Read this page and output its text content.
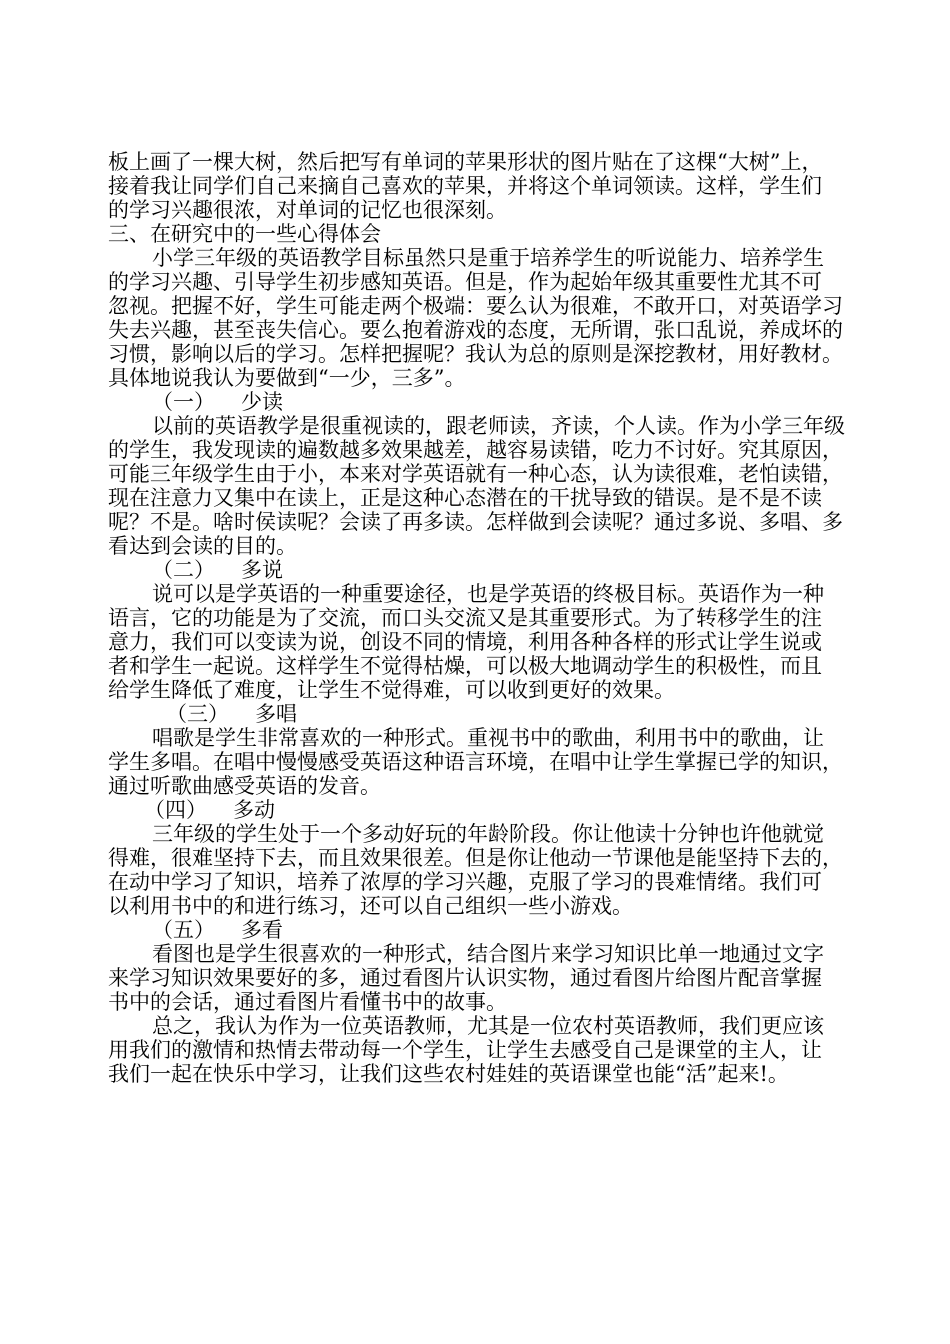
板上画了一棵大树，然后把写有单词的苹果形状的图片贴在了这棵“大树”上，
接着我让同学们自己来摘自己喜欢的苹果，并将这个单词领读。这样，学生们
的学习兴趣很浓，对单词的记忆也很深刻。
三、在研究中的一些心得体会
小学三年级的英语教学目标虽然只是重于培养学生的听说能力、培养学生
的学习兴趣、引导学生初步感知英语。但是，作为起始年级其重要性尤其不可
忽视。把握不好，学生可能走两个极端：要么认为很难，不敢开口，对英语学习
失去兴趣，甚至丧失信心。要么抱着游戏的态度，无所谓，张口乱说，养成坏的
习惯，影响以后的学习。怎样把握呢？我认为总的原则是深挖教材，用好教材。
具体地说我认为要做到“一少，三多”。
（一） 少读
以前的英语教学是很重视读的，跟老师读，齐读，个人读。作为小学三年级
的学生，我发现读的遍数越多效果越差，越容易读错，吃力不讨好。究其原因，
可能三年级学生由于小，本来对学英语就有一种心态，认为读很难，老怕读错，
现在注意力又集中在读上，正是这种心态潜在的干扰导致的错误。是不是不读
呢？不是。啥时侯读呢？会读了再多读。怎样做到会读呢？通过多说、多唱、多
看达到会读的目的。
（二） 多说
说可以是学英语的一种重要途径，也是学英语的终极目标。英语作为一种
语言，它的功能是为了交流，而口头交流又是其重要形式。为了转移学生的注
意力，我们可以变读为说，创设不同的情境，利用各种各样的形式让学生说或
者和学生一起说。这样学生不觉得枯燥，可以极大地调动学生的积极性，而且
给学生降低了难度，让学生不觉得难，可以收到更好的效果。
（三） 多唱
唱歌是学生非常喜欢的一种形式。重视书中的歌曲，利用书中的歌曲，让
学生多唱。在唱中慢慢感受英语这种语言环境，在唱中让学生掌握已学的知识，
通过听歌曲感受英语的发音。
（四） 多动
三年级的学生处于一个多动好玩的年龄阶段。你让他读十分钟也许他就觉
得难，很难坚持下去，而且效果很差。但是你让他动一节课他是能坚持下去的，
在动中学习了知识，培养了浓厚的学习兴趣，克服了学习的畏难情绪。我们可
以利用书中的和进行练习，还可以自己组织一些小游戏。
（五） 多看
看图也是学生很喜欢的一种形式，结合图片来学习知识比单一地通过文字
来学习知识效果要好的多，通过看图片认识实物，通过看图片给图片配音掌握
书中的会话，通过看图片看懂书中的故事。
总之，我认为作为一位英语教师，尤其是一位农村英语教师，我们更应该
用我们的激情和热情去带动每一个学生，让学生去感受自己是课堂的主人，让
我们一起在快乐中学习，让我们这些农村娃娃的英语课堂也能“活”起来!。
